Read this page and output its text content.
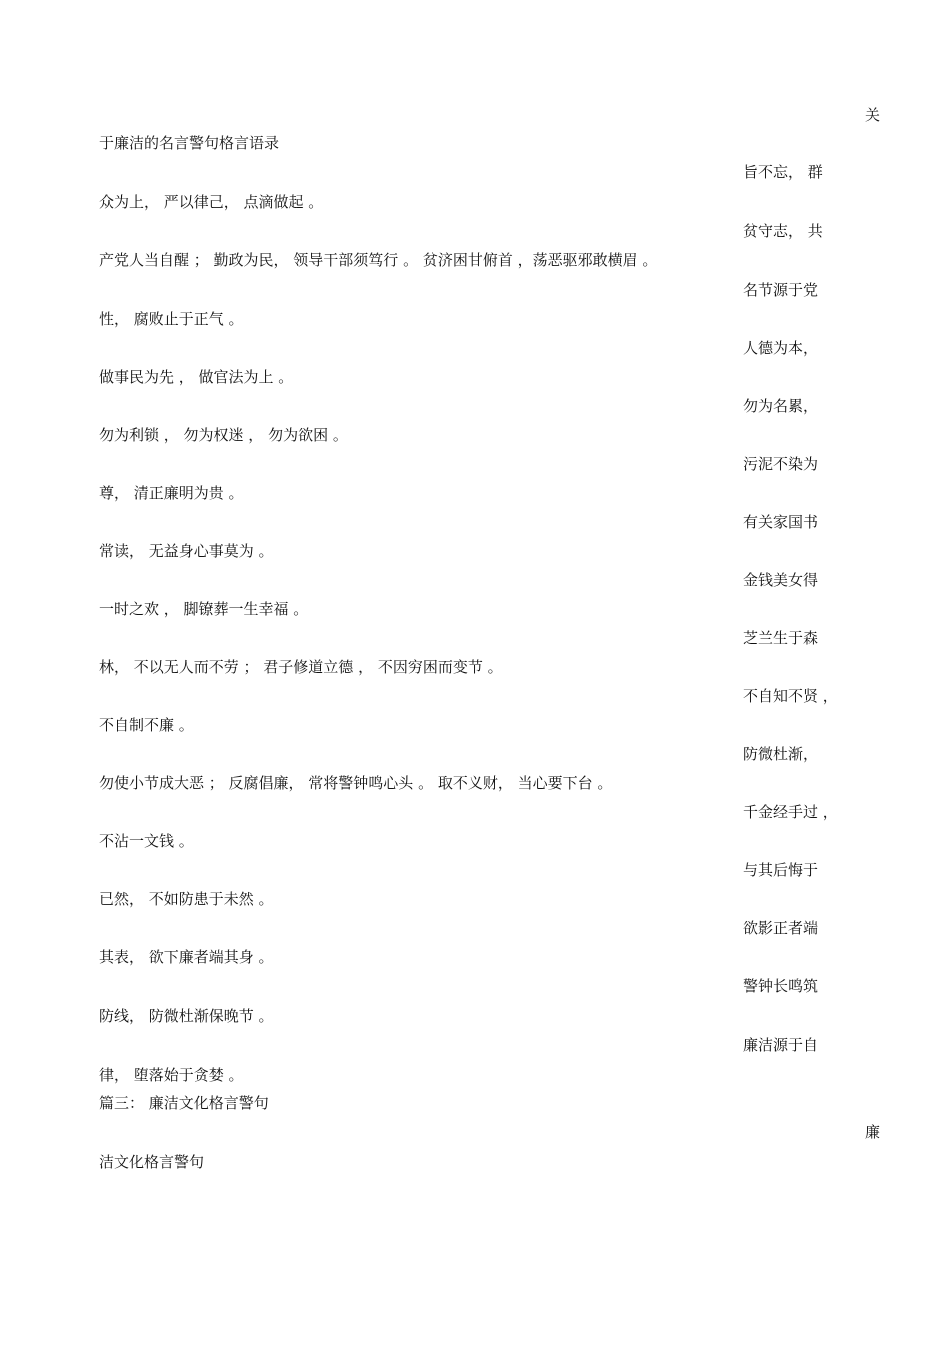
关
于廉洁的名言警句格言语录
旨不忘， 群
众为上， 严以律己， 点滴做起 。
贫守志， 共
产党人当自醒 ； 勤政为民， 领导干部须笃行 。 贫济困甘俯首 ，荡恶驱邪敢横眉 。
名节源于党
性， 腐败止于正气 。
人德为本，
做事民为先 ， 做官法为上 。
勿为名累，
勿为利锁 ， 勿为权迷 ， 勿为欲困 。
污泥不染为
尊， 清正廉明为贵 。
有关家国书
常读， 无益身心事莫为 。
金钱美女得
一时之欢 ， 脚镣葬一生幸福 。
芝兰生于森
林， 不以无人而不劳 ； 君子修道立德 ， 不因穷困而变节 。
不自知不贤 ，
不自制不廉 。
防微杜渐，
勿使小节成大恶 ； 反腐倡廉， 常将警钟鸣心头 。 取不义财， 当心要下台 。
千金经手过 ，
不沾一文钱 。
与其后悔于
已然， 不如防患于未然 。
欲影正者端
其表， 欲下廉者端其身 。
警钟长鸣筑
防线， 防微杜渐保晚节 。
廉洁源于自
律， 堕落始于贪婪 。
篇三： 廉洁文化格言警句
廉
洁文化格言警句
